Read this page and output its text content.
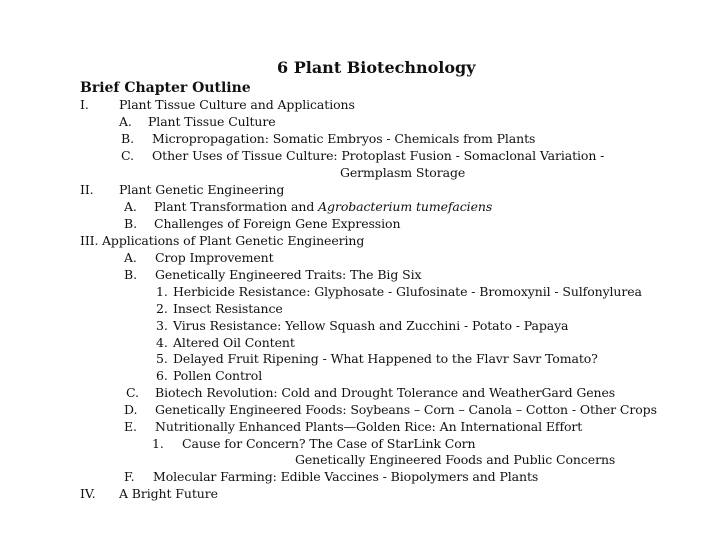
6 Plant Biotechnology
Brief Chapter Outline
I. Plant Tissue Culture and Applications
A. Plant Tissue Culture
B. Micropropagation: Somatic Embryos - Chemicals from Plants
C. Other Uses of Tissue Culture: Protoplast Fusion - Somaclonal Variation -
Germplasm Storage
II. Plant Genetic Engineering
A. Plant Transformation and Agrobacterium tumefaciens
B. Challenges of Foreign Gene Expression
III. Applications of Plant Genetic Engineering
A. Crop Improvement
B. Genetically Engineered Traits: The Big Six
1. Herbicide Resistance: Glyphosate - Glufosinate - Bromoxynil - Sulfonylurea
2. Insect Resistance
3. Virus Resistance: Yellow Squash and Zucchini - Potato - Papaya
4. Altered Oil Content
5. Delayed Fruit Ripening - What Happened to the Flavr Savr Tomato?
6. Pollen Control
C. Biotech Revolution: Cold and Drought Tolerance and WeatherGard Genes
D. Genetically Engineered Foods: Soybeans – Corn – Canola – Cotton - Other Crops
E. Nutritionally Enhanced Plants—Golden Rice: An International Effort
1. Cause for Concern? The Case of StarLink Corn
Genetically Engineered Foods and Public Concerns
F. Molecular Farming: Edible Vaccines - Biopolymers and Plants
IV. A Bright Future
